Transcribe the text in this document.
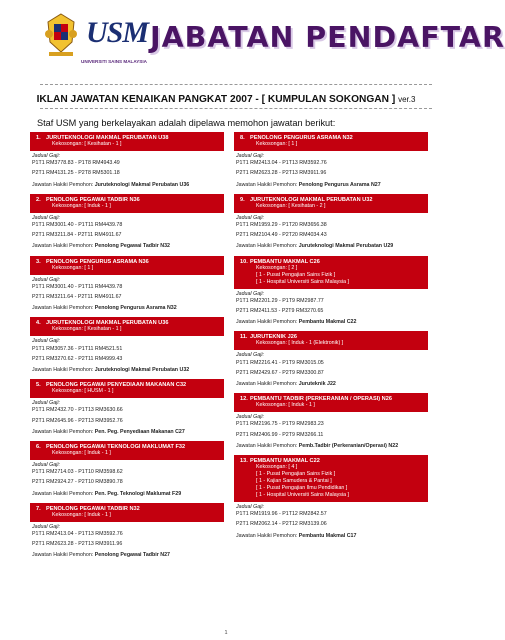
USM
UNIVERSITI SAINS MALAYSIA
JABATAN PENDAFTAR
IKLAN JAWATAN KENAIKAN PANGKAT 2007 - [ KUMPULAN SOKONGAN ] ver.3
Staf USM yang berkelayakan adalah dipelawa memohon jawatan berikut:
1. JURUTEKNOLOGI MAKMAL PERUBATAN U38
Kekosongan: [ Kesihatan - 1 ]
Jadual Gaji:
P1T1 RM3778.83 - P1T8 RM4943.49
P2T1 RM4131.25 - P2T8 RM5301.18
Jawatan Hakiki Pemohon: Juruteknologi Makmal Perubatan U36
2. PENOLONG PEGAWAI TADBIR N36
Kekosongan: [ Induk - 1 ]
Jadual Gaji:
P1T1 RM3001.40 - P1T11 RM4439.78
P2T1 RM3211.84 - P2T11 RM4911.67
Jawatan Hakiki Pemohon: Penolong Pegawai Tadbir N32
3. PENOLONG PENGURUS ASRAMA N36
Kekosongan: [ 1 ]
Jadual Gaji:
P1T1 RM3001.40 - P1T11 RM4439.78
P2T1 RM3211.64 - P2T11 RM4911.67
Jawatan Hakiki Pemohon: Penolong Pengurus Asrama N32
4. JURUTEKNOLOGI MAKMAL PERUBATAN U36
Kekosongan: [ Kesihatan - 1 ]
Jadual Gaji:
P1T1 RM3057.36 - P1T11 RM4521.51
P2T1 RM3270.62 - P2T11 RM4999.43
Jawatan Hakiki Pemohon: Juruteknologi Makmal Perubatan U32
5. PENOLONG PEGAWAI PENYEDIAAN MAKANAN C32
Kekosongan: [ HUSM - 1 ]
Jadual Gaji:
P1T1 RM2432.70 - P1T13 RM3630.66
P2T1 RM2645.96 - P2T13 RM3952.76
Jawatan Hakiki Pemohon: Pen. Peg. Penyediaan Makanan C27
6. PENOLONG PEGAWAI TEKNOLOGI MAKLUMAT F32
Kekosongan: [ Induk - 1 ]
Jadual Gaji:
P1T1 RM2714.03 - P1T10 RM3598.62
P2T1 RM2924.27 - P2T10 RM3890.78
Jawatan Hakiki Pemohon: Pen. Peg. Teknologi Maklumat F29
7. PENOLONG PEGAWAI TADBIR N32
Kekosongan: [ Induk - 1 ]
Jadual Gaji:
P1T1 RM2413.04 - P1T13 RM3592.76
P2T1 RM2623.28 - P2T13 RM3911.96
Jawatan Hakiki Pemohon: Penolong Pegawai Tadbir N27
8. PENOLONG PENGURUS ASRAMA N32
Kekosongan: [ 1 ]
Jadual Gaji:
P1T1 RM2413.04 - P1T13 RM3592.76
P2T1 RM2623.28 - P2T13 RM3911.96
Jawatan Hakiki Pemohon: Penolong Pengurus Asrama N27
9. JURUTEKNOLOGI MAKMAL PERUBATAN U32
Kekosongan: [ Kesihatan - 2 ]
Jadual Gaji:
P1T1 RM1959.29 - P1T20 RM3656.38
P2T1 RM2104.49 - P2T20 RM4034.43
Jawatan Hakiki Pemohon: Juruteknologi Makmal Perubatan U29
10. PEMBANTU MAKMAL C26
Kekosongan: [ 2 ]
[ 1 - Pusat Pengajian Sains Fizik ]
[ 1 - Hospital Universiti Sains Malaysia ]
Jadual Gaji:
P1T1 RM2201.29 - P1T9 RM2987.77
P2T1 RM2411.53 - P2T9 RM3270.65
Jawatan Hakiki Pemohon: Pembantu Makmal C22
11. JURUTEKNIK J26
Kekosongan: [ Induk - 1 (Elektronik) ]
Jadual Gaji:
P1T1 RM2216.41 - P1T9 RM3015.05
P2T1 RM2429.67 - P2T9 RM3300.87
Jawatan Hakiki Pemohon: Juruteknik J22
12. PEMBANTU TADBIR (PERKERANIAN / OPERASI) N26
Kekosongan: [ Induk - 1 ]
Jadual Gaji:
P1T1 RM2196.75 - P1T9 RM2983.23
P2T1 RM2406.99 - P2T9 RM3266.11
Jawatan Hakiki Pemohon: Pemb.Tadbir (Perkeranian/Operasi) N22
13. PEMBANTU MAKMAL C22
Kekosongan: [ 4 ]
[ 1 - Pusat Pengajian Sains Fizik ]
[ 1 - Kajian Samudera & Pantai ]
[ 1 - Pusat Pengajian Ilmu Pendidikan ]
[ 1 - Hospital Universiti Sains Malaysia ]
Jadual Gaji:
P1T1 RM1919.96 - P1T12 RM2842.57
P2T1 RM2062.14 - P2T12 RM3139.06
Jawatan Hakiki Pemohon: Pembantu Makmal C17
1
